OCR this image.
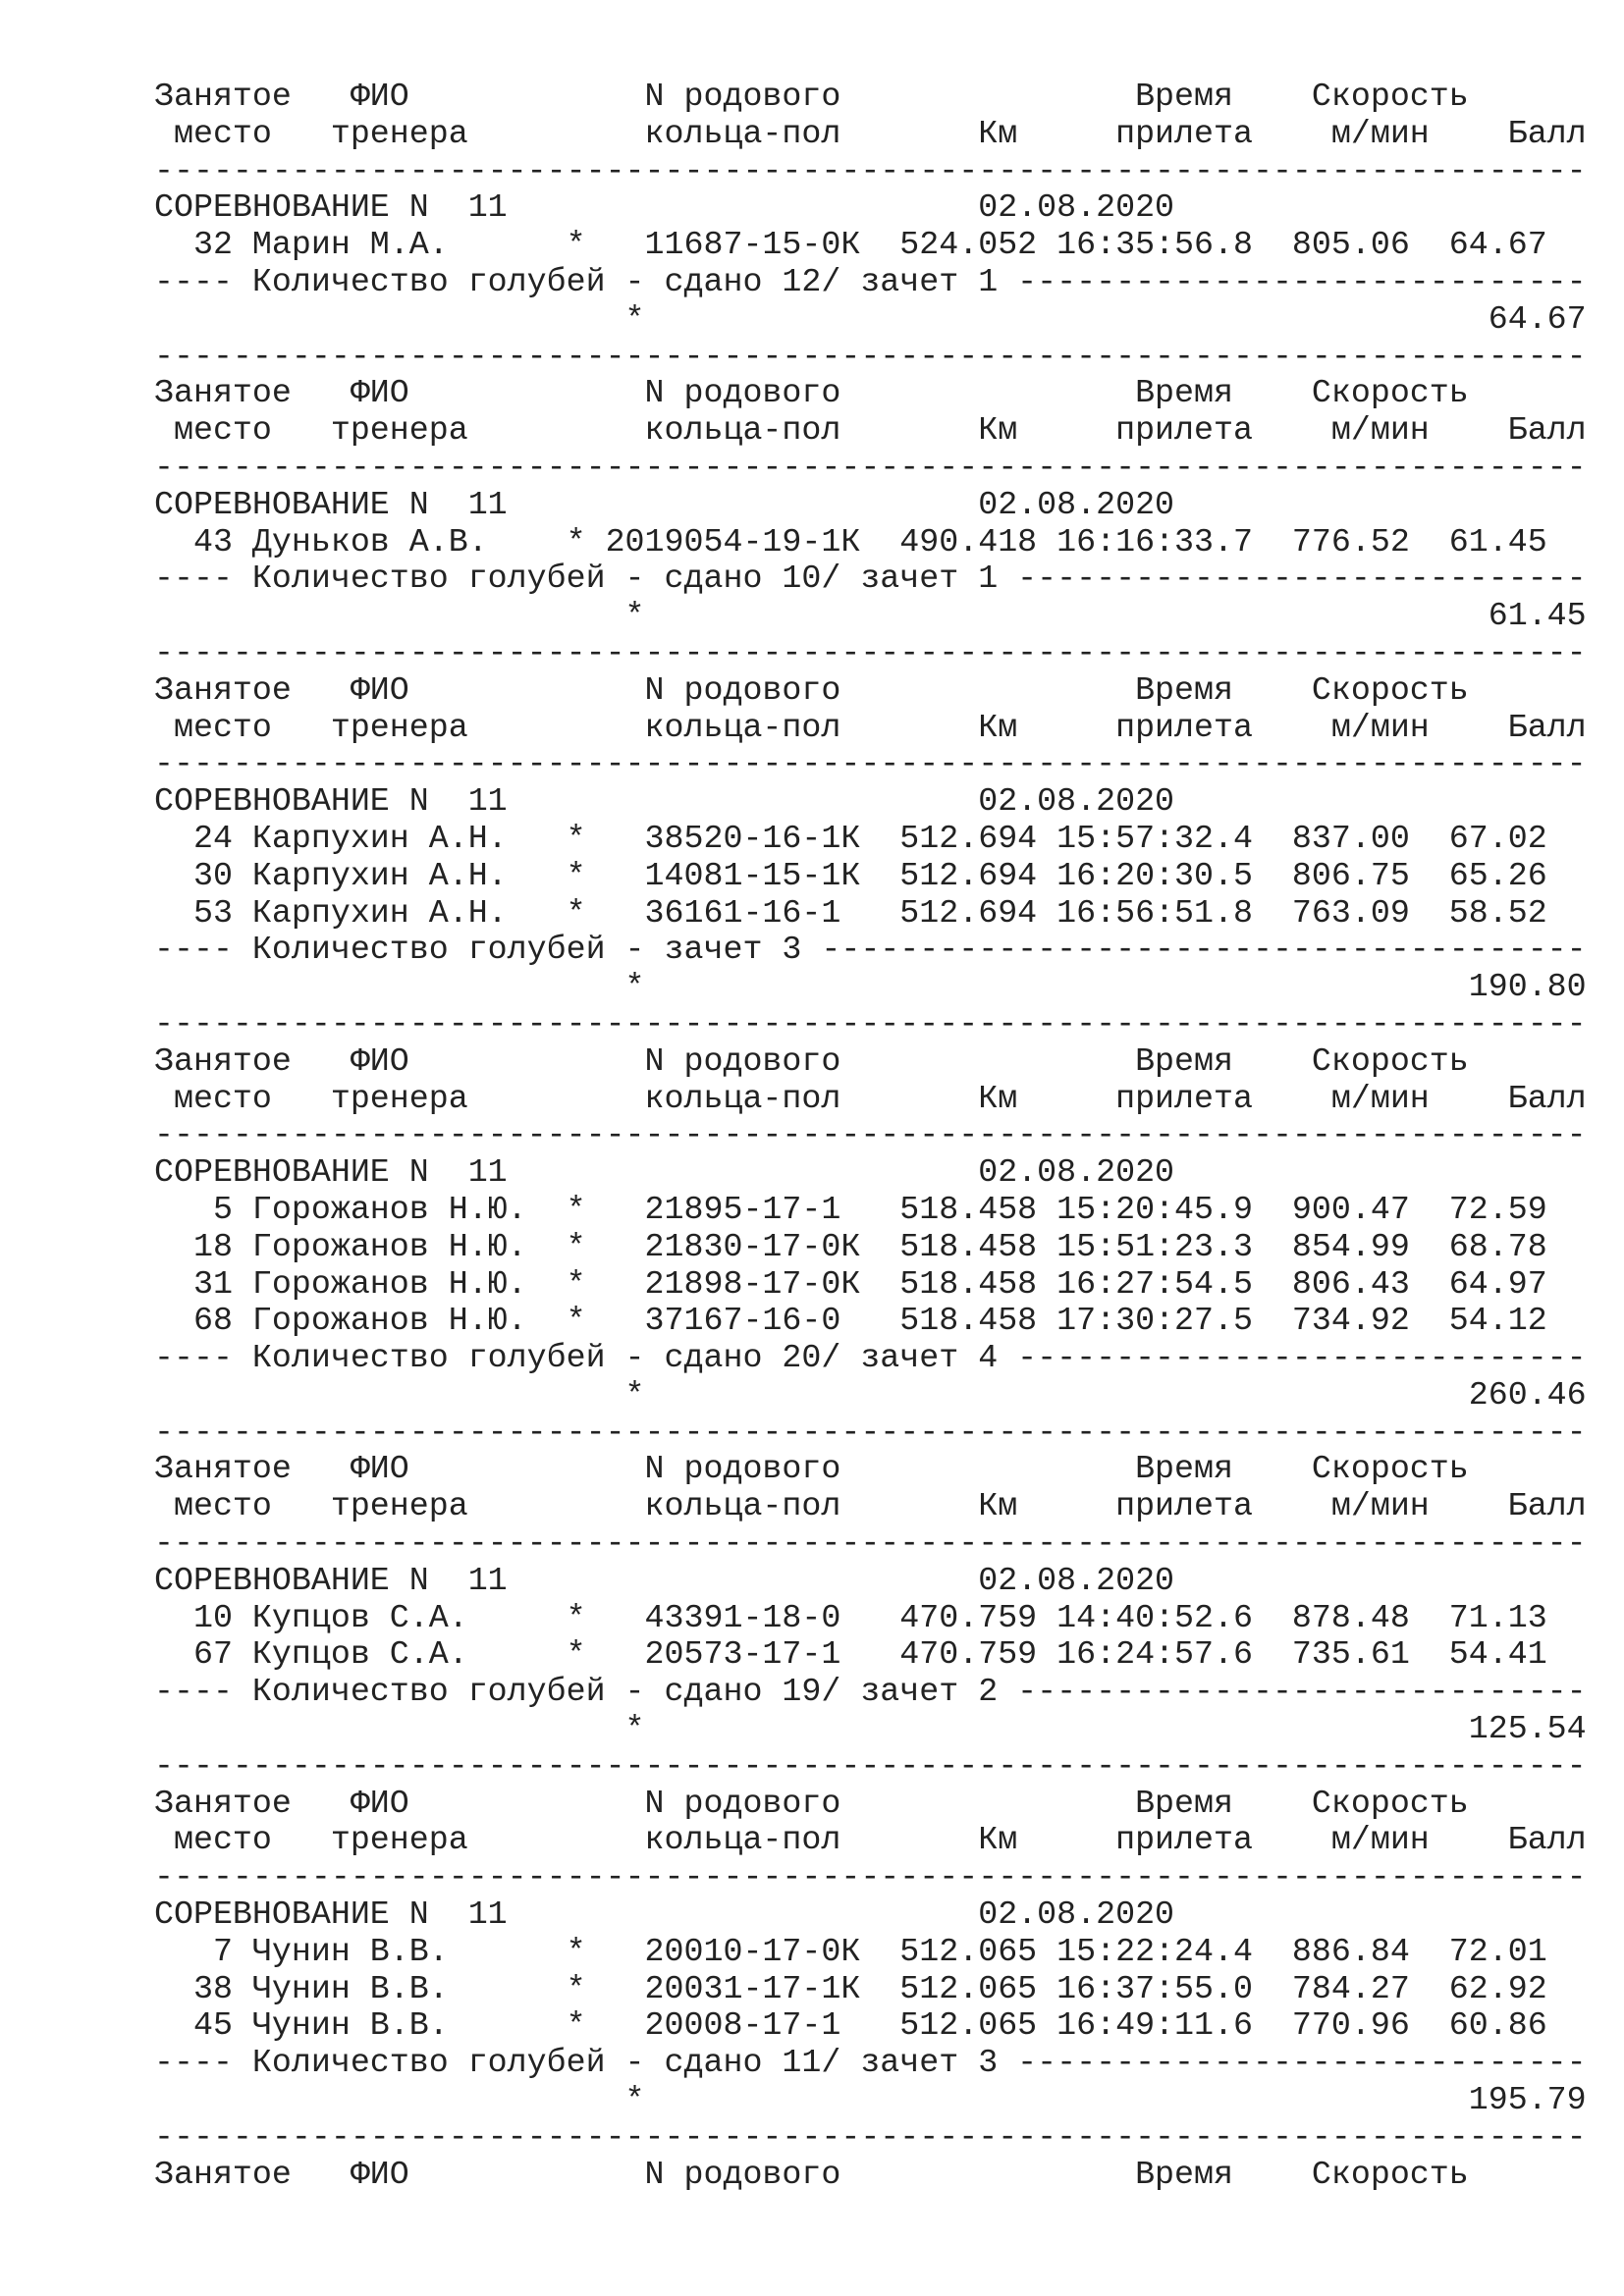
Занятое   ФИО            N родового               Время    Скорость
место   тренера         кольца-пол       Км     прилета    м/мин    Балл
-------------------------------------------------------------------------
СОРЕВНОВАНИЕ N  11                        02.08.2020
32 Марин М.А.      *   11687-15-0К  524.052 16:35:56.8  805.06  64.67
---- Количество голубей - сдано 12/ зачет 1 -----------------------------
*                                           64.67
-------------------------------------------------------------------------
Занятое   ФИО            N родового               Время    Скорость
место   тренера         кольца-пол       Км     прилета    м/мин    Балл
-------------------------------------------------------------------------
СОРЕВНОВАНИЕ N  11                        02.08.2020
43 Дуньков А.В.    * 2019054-19-1К  490.418 16:16:33.7  776.52  61.45
---- Количество голубей - сдано 10/ зачет 1 -----------------------------
*                                           61.45
-------------------------------------------------------------------------
Занятое   ФИО            N родового               Время    Скорость
место   тренера         кольца-пол       Км     прилета    м/мин    Балл
-------------------------------------------------------------------------
СОРЕВНОВАНИЕ N  11                        02.08.2020
24 Карпухин А.Н.   *   38520-16-1К  512.694 15:57:32.4  837.00  67.02
30 Карпухин А.Н.   *   14081-15-1К  512.694 16:20:30.5  806.75  65.26
53 Карпухин А.Н.   *   36161-16-1   512.694 16:56:51.8  763.09  58.52
---- Количество голубей - зачет 3 ---------------------------------------
*                                          190.80
-------------------------------------------------------------------------
Занятое   ФИО            N родового               Время    Скорость
место   тренера         кольца-пол       Км     прилета    м/мин    Балл
-------------------------------------------------------------------------
СОРЕВНОВАНИЕ N  11                        02.08.2020
5 Горожанов Н.Ю.  *   21895-17-1   518.458 15:20:45.9  900.47  72.59
18 Горожанов Н.Ю.  *   21830-17-0К  518.458 15:51:23.3  854.99  68.78
31 Горожанов Н.Ю.  *   21898-17-0К  518.458 16:27:54.5  806.43  64.97
68 Горожанов Н.Ю.  *   37167-16-0   518.458 17:30:27.5  734.92  54.12
---- Количество голубей - сдано 20/ зачет 4 -----------------------------
*                                          260.46
-------------------------------------------------------------------------
Занятое   ФИО            N родового               Время    Скорость
место   тренера         кольца-пол       Км     прилета    м/мин    Балл
-------------------------------------------------------------------------
СОРЕВНОВАНИЕ N  11                        02.08.2020
10 Купцов С.А.     *   43391-18-0   470.759 14:40:52.6  878.48  71.13
67 Купцов С.А.     *   20573-17-1   470.759 16:24:57.6  735.61  54.41
---- Количество голубей - сдано 19/ зачет 2 -----------------------------
*                                          125.54
-------------------------------------------------------------------------
Занятое   ФИО            N родового               Время    Скорость
место   тренера         кольца-пол       Км     прилета    м/мин    Балл
-------------------------------------------------------------------------
СОРЕВНОВАНИЕ N  11                        02.08.2020
7 Чунин В.В.      *   20010-17-0К  512.065 15:22:24.4  886.84  72.01
38 Чунин В.В.      *   20031-17-1К  512.065 16:37:55.0  784.27  62.92
45 Чунин В.В.      *   20008-17-1   512.065 16:49:11.6  770.96  60.86
---- Количество голубей - сдано 11/ зачет 3 -----------------------------
*                                          195.79
-------------------------------------------------------------------------
Занятое   ФИО            N родового               Время    Скорость
